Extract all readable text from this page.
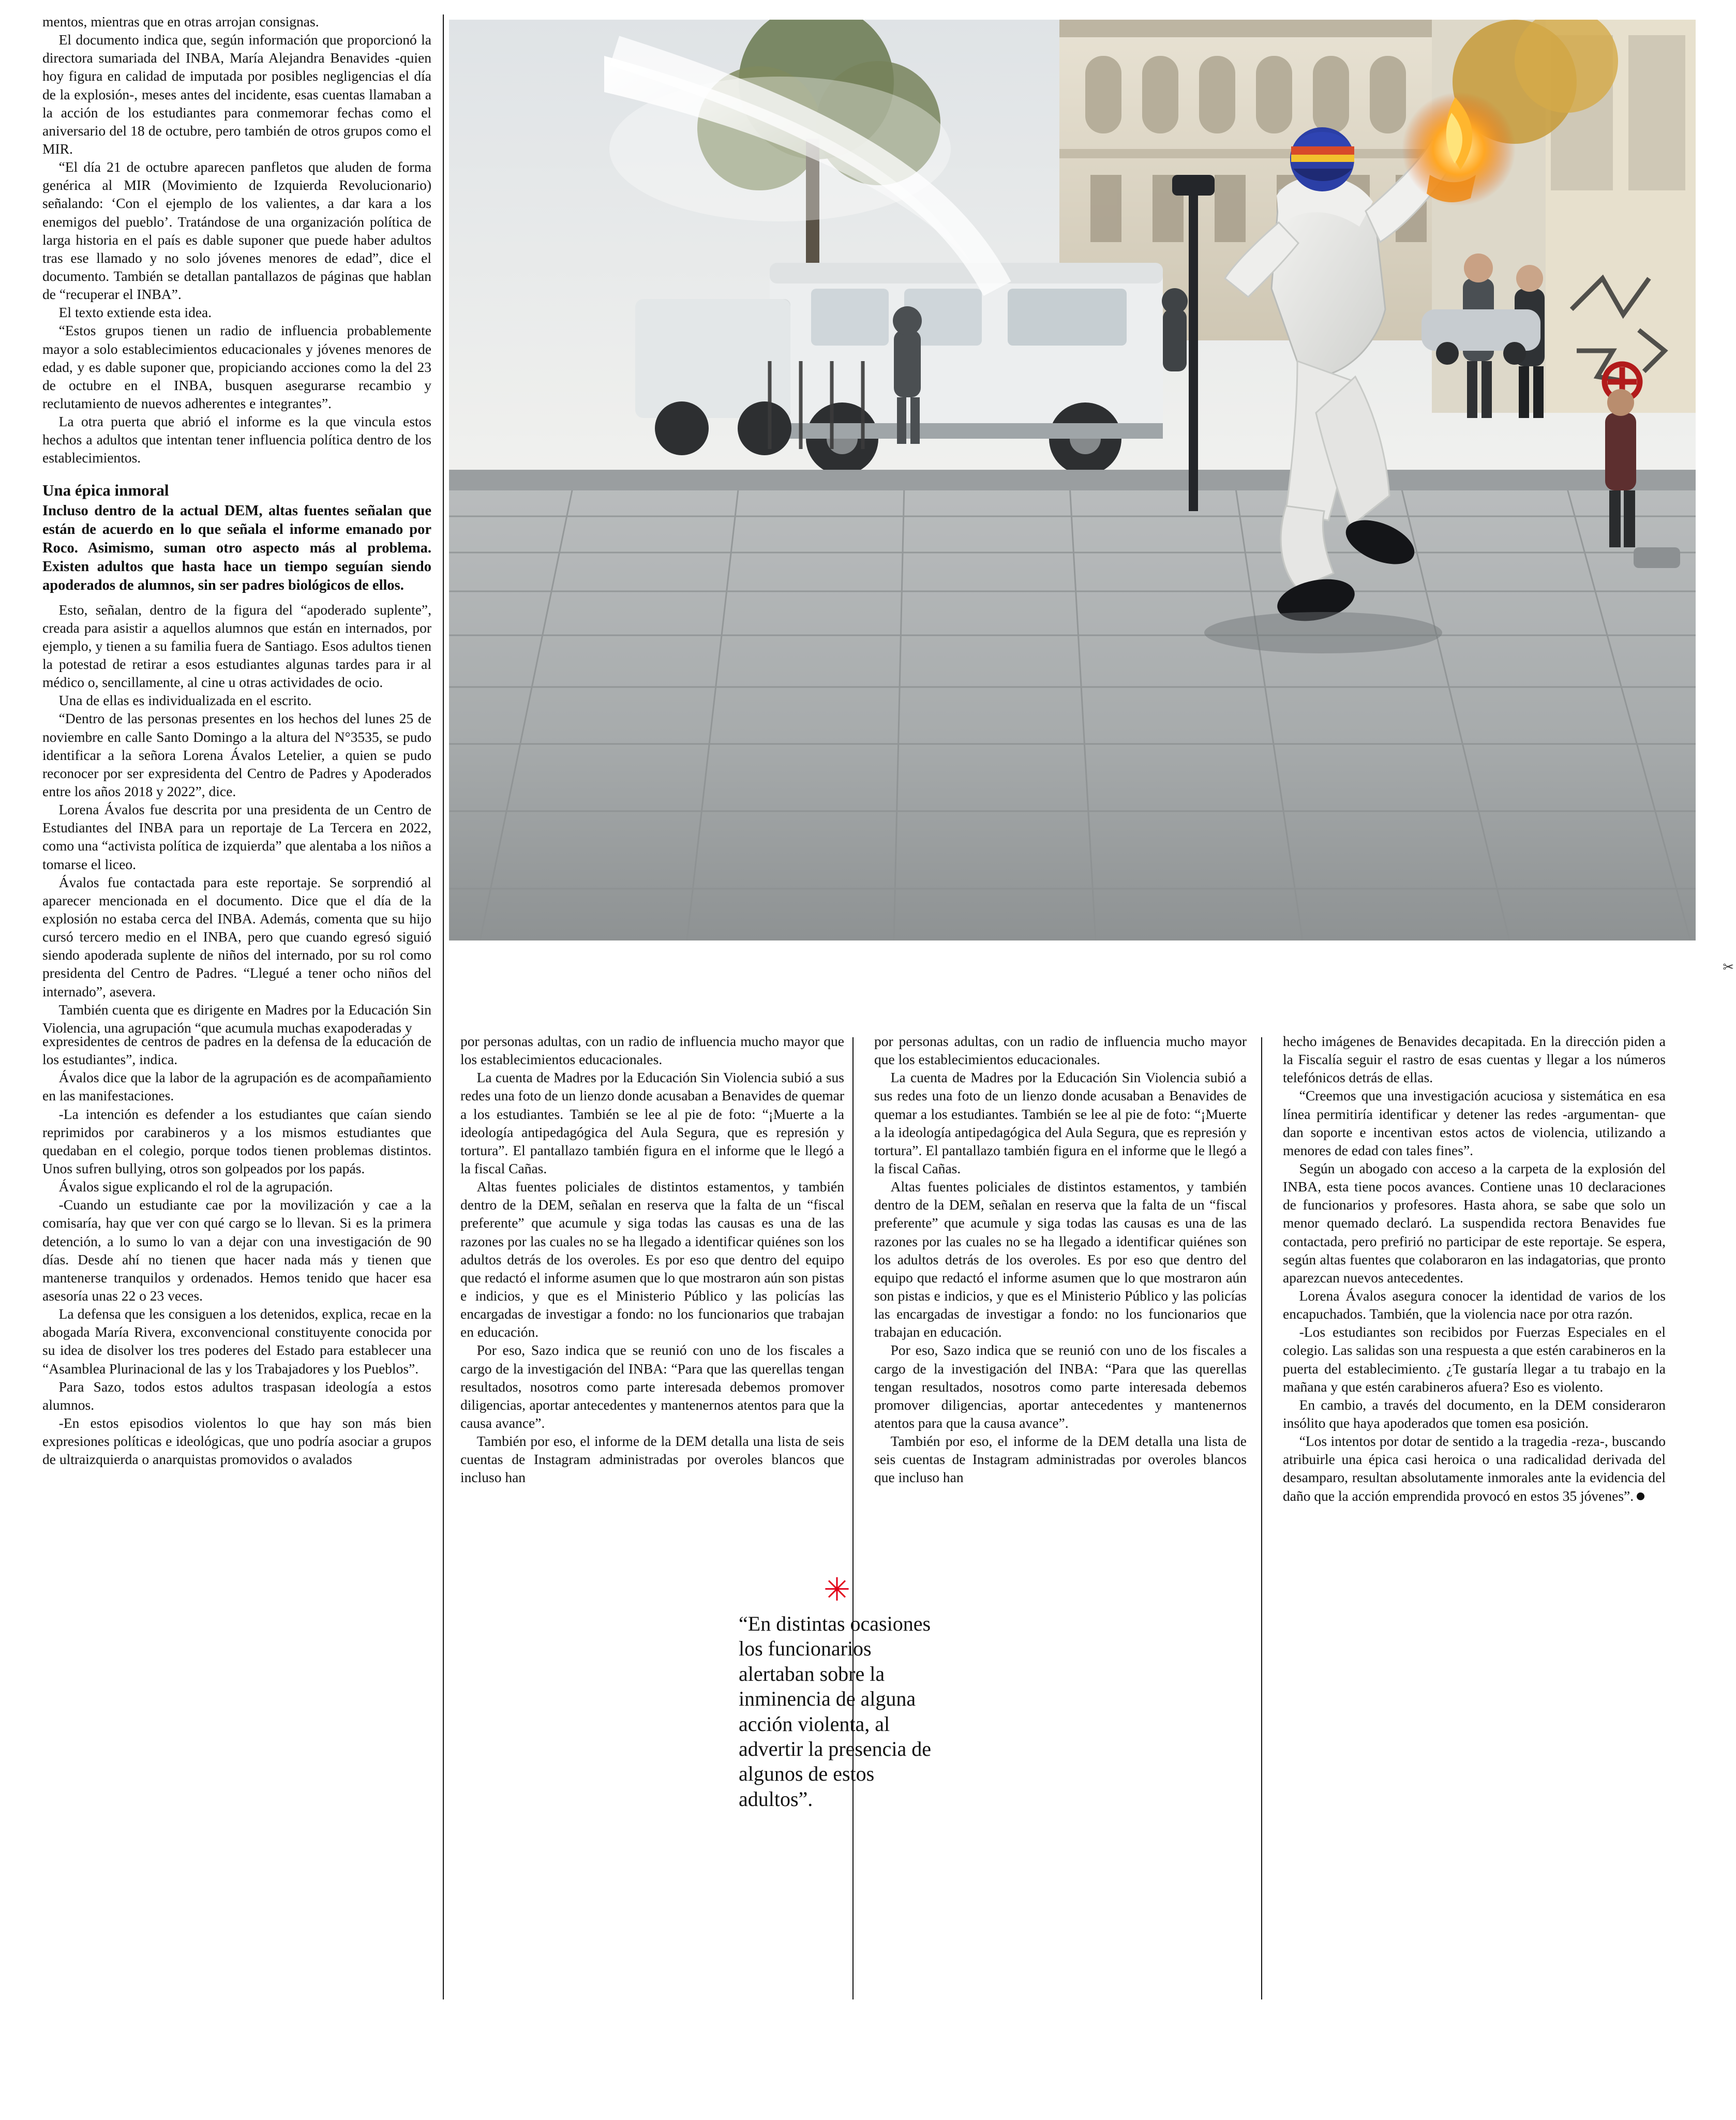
mentos, mientras que en otras arrojan consignas.

El documento indica que, según información que proporcionó la directora sumariada del INBA, María Alejandra Benavides -quien hoy figura en calidad de imputada por posibles negligencias el día de la explosión-, meses antes del incidente, esas cuentas llamaban a la acción de los estudiantes para conmemorar fechas como el aniversario del 18 de octubre, pero también de otros grupos como el MIR.

“El día 21 de octubre aparecen panfletos que aluden de forma genérica al MIR (Movimiento de Izquierda Revolucionario) señalando: ‘Con el ejemplo de los valientes, a dar kara a los enemigos del pueblo’. Tratándose de una organización política de larga historia en el país es dable suponer que puede haber adultos tras ese llamado y no solo jóvenes menores de edad”, dice el documento. También se detallan pantallazos de páginas que hablan de “recuperar el INBA”.

El texto extiende esta idea.

“Estos grupos tienen un radio de influencia probablemente mayor a solo establecimientos educacionales y jóvenes menores de edad, y es dable suponer que, propiciando acciones como la del 23 de octubre en el INBA, busquen asegurarse recambio y reclutamiento de nuevos adherentes e integrantes”.

La otra puerta que abrió el informe es la que vincula estos hechos a adultos que intentan tener influencia política dentro de los establecimientos.

Una épica inmoral

Incluso dentro de la actual DEM, altas fuentes señalan que están de acuerdo en lo que señala el informe emanado por Roco. Asimismo, suman otro aspecto más al problema. Existen adultos que hasta hace un tiempo seguían siendo apoderados de alumnos, sin ser padres biológicos de ellos.

Esto, señalan, dentro de la figura del “apoderado suplente”, creada para asistir a aquellos alumnos que están en internados, por ejemplo, y tienen a su familia fuera de Santiago. Esos adultos tienen la potestad de retirar a esos estudiantes algunas tardes para ir al médico o, sencillamente, al cine u otras actividades de ocio.

Una de ellas es individualizada en el escrito.

“Dentro de las personas presentes en los hechos del lunes 25 de noviembre en calle Santo Domingo a la altura del N°3535, se pudo identificar a la señora Lorena Ávalos Letelier, a quien se pudo reconocer por ser expresidenta del Centro de Padres y Apoderados entre los años 2018 y 2022”, dice.

Lorena Ávalos fue descrita por una presidenta de un Centro de Estudiantes del INBA para un reportaje de La Tercera en 2022, como una “activista política de izquierda” que alentaba a los niños a tomarse el liceo.

Ávalos fue contactada para este reportaje. Se sorprendió al aparecer mencionada en el documento. Dice que el día de la explosión no estaba cerca del INBA. Además, comenta que su hijo cursó tercero medio en el INBA, pero que cuando egresó siguió siendo apoderada suplente de niños del internado, por su rol como presidenta del Centro de Padres. “Llegué a tener ocho niños del internado”, asevera.

También cuenta que es dirigente en Madres por la Educación Sin Violencia, una agrupación “que acumula muchas exapoderadas y

✂

expresidentes de centros de padres en la defensa de la educación de los estudiantes”, indica.

Ávalos dice que la labor de la agrupación es de acompañamiento en las manifestaciones.

-La intención es defender a los estudiantes que caían siendo reprimidos por carabineros y a los mismos estudiantes que quedaban en el colegio, porque todos tienen problemas distintos. Unos sufren bullying, otros son golpeados por los papás.

Ávalos sigue explicando el rol de la agrupación.

-Cuando un estudiante cae por la movilización y cae a la comisaría, hay que ver con qué cargo se lo llevan. Si es la primera detención, a lo sumo lo van a dejar con una investigación de 90 días. Desde ahí no tienen que hacer nada más y tienen que mantenerse tranquilos y ordenados. Hemos tenido que hacer esa asesoría unas 22 o 23 veces.

La defensa que les consiguen a los detenidos, explica, recae en la abogada María Rivera, exconvencional constituyente conocida por su idea de disolver los tres poderes del Estado para establecer una “Asamblea Plurinacional de las y los Trabajadores y los Pueblos”.

Para Sazo, todos estos adultos traspasan ideología a estos alumnos.

-En estos episodios violentos lo que hay son más bien expresiones políticas e ideológicas, que uno podría asociar a grupos de ultraizquierda o anarquistas promovidos o avalados

por personas adultas, con un radio de influencia mucho mayor que los establecimientos educacionales.

La cuenta de Madres por la Educación Sin Violencia subió a sus redes una foto de un lienzo donde acusaban a Benavides de quemar a los estudiantes. También se lee al pie de foto: “¡Muerte a la ideología antipedagógica del Aula Segura, que es represión y tortura”. El pantallazo también figura en el informe que le llegó a la fiscal Cañas.

Altas fuentes policiales de distintos estamentos, y también dentro de la DEM, señalan en reserva que la falta de un “fiscal preferente” que acumule y siga todas las causas es una de las razones por las cuales no se ha llegado a identificar quiénes son los adultos detrás de los overoles. Es por eso que dentro del equipo que redactó el informe asumen que lo que mostraron aún son pistas e indicios, y que es el Ministerio Público y las policías las encargadas de investigar a fondo: no los funcionarios que trabajan en educación.

Por eso, Sazo indica que se reunió con uno de los fiscales a cargo de la investigación del INBA: “Para que las querellas tengan resultados, nosotros como parte interesada debemos promover diligencias, aportar antecedentes y mantenernos atentos para que la causa avance”.

También por eso, el informe de la DEM detalla una lista de seis cuentas de Instagram administradas por overoles blancos que incluso han

✳
“En distintas ocasiones los funcionarios alertaban sobre la inminencia de alguna acción violenta, al advertir la presencia de algunos de estos adultos”.

por personas adultas, con un radio de influencia mucho mayor que los establecimientos educacionales.

La cuenta de Madres por la Educación Sin Violencia subió a sus redes una foto de un lienzo donde acusaban a Benavides de quemar a los estudiantes. También se lee al pie de foto: “¡Muerte a la ideología antipedagógica del Aula Segura, que es represión y tortura”. El pantallazo también figura en el informe que le llegó a la fiscal Cañas.

Altas fuentes policiales de distintos estamentos, y también dentro de la DEM, señalan en reserva que la falta de un “fiscal preferente” que acumule y siga todas las causas es una de las razones por las cuales no se ha llegado a identificar quiénes son los adultos detrás de los overoles. Es por eso que dentro del equipo que redactó el informe asumen que lo que mostraron aún son pistas e indicios, y que es el Ministerio Público y las policías las encargadas de investigar a fondo: no los funcionarios que trabajan en educación.

Por eso, Sazo indica que se reunió con uno de los fiscales a cargo de la investigación del INBA: “Para que las querellas tengan resultados, nosotros como parte interesada debemos promover diligencias, aportar antecedentes y mantenernos atentos para que la causa avance”.

También por eso, el informe de la DEM detalla una lista de seis cuentas de Instagram administradas por overoles blancos que incluso han

hecho imágenes de Benavides decapitada. En la dirección piden a la Fiscalía seguir el rastro de esas cuentas y llegar a los números telefónicos detrás de ellas.

“Creemos que una investigación acuciosa y sistemática en esa línea permitiría identificar y detener las redes -argumentan- que dan soporte e incentivan estos actos de violencia, utilizando a menores de edad con tales fines”.

Según un abogado con acceso a la carpeta de la explosión del INBA, esta tiene pocos avances. Contiene unas 10 declaraciones de funcionarios y profesores. Hasta ahora, se sabe que solo un menor quemado declaró. La suspendida rectora Benavides fue contactada, pero prefirió no participar de este reportaje. Se espera, según altas fuentes que colaboraron en las indagatorias, que pronto aparezcan nuevos antecedentes.

Lorena Ávalos asegura conocer la identidad de varios de los encapuchados. También, que la violencia nace por otra razón.

-Los estudiantes son recibidos por Fuerzas Especiales en el colegio. Las salidas son una respuesta a que estén carabineros en la puerta del establecimiento. ¿Te gustaría llegar a tu trabajo en la mañana y que estén carabineros afuera? Eso es violento.

En cambio, a través del documento, en la DEM consideraron insólito que haya apoderados que tomen esa posición.

“Los intentos por dotar de sentido a la tragedia -reza-, buscando atribuirle una épica casi heroica o una radicalidad derivada del desamparo, resultan absolutamente inmorales ante la evidencia del daño que la acción emprendida provocó en estos 35 jóvenes”.
